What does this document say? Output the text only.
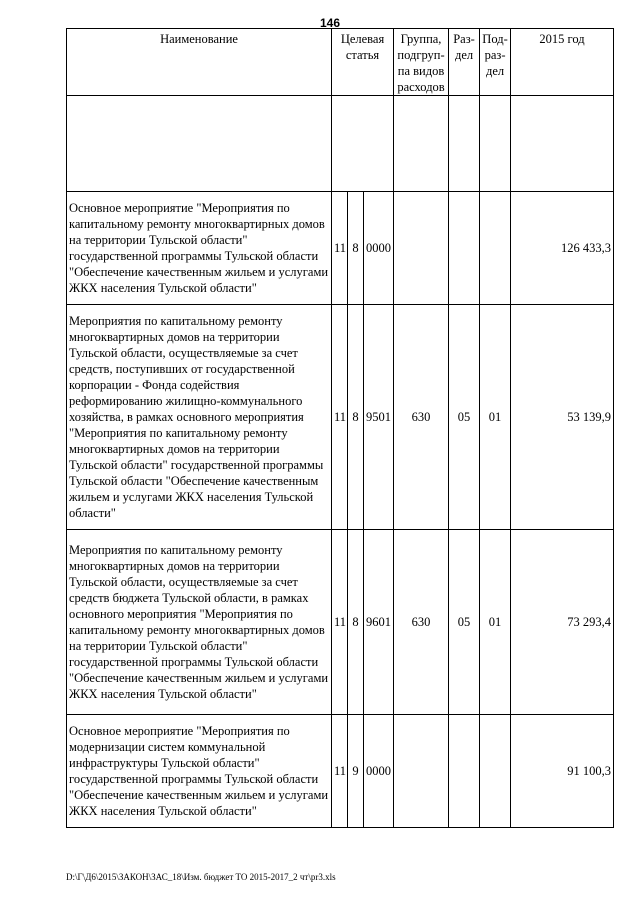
146
Наименование	Целевая статья			Группа, подгруп-па видов расходов	Раз-дел	Под-раз-дел	2015 год

Основное мероприятие "Мероприятия по капитальному ремонту многоквартирных домов на территории Тульской области" государственной программы Тульской области "Обеспечение качественным жильем и услугами ЖКХ населения Тульской области"	11	8	0000				126 433,3
Мероприятия по капитальному ремонту многоквартирных домов на территории Тульской области, осуществляемые за счет средств, поступивших от государственной корпорации - Фонда содействия реформированию жилищно-коммунального хозяйства, в рамках основного мероприятия "Мероприятия по капитальному ремонту многоквартирных домов на территории Тульской области" государственной программы Тульской области "Обеспечение качественным жильем и услугами ЖКХ населения Тульской области"	11	8	9501	630	05	01	53 139,9
Мероприятия по капитальному ремонту многоквартирных домов на территории Тульской области, осуществляемые за счет средств бюджета Тульской области, в рамках основного мероприятия "Мероприятия по капитальному ремонту многоквартирных домов на территории Тульской области" государственной программы Тульской области "Обеспечение качественным жильем и услугами ЖКХ населения Тульской области"	11	8	9601	630	05	01	73 293,4
Основное мероприятие "Мероприятия по модернизации систем коммунальной инфраструктуры Тульской области" государственной программы Тульской области "Обеспечение качественным жильем и услугами ЖКХ населения Тульской области"	11	9	0000				91 100,3
D:\Г\Д6\2015\ЗАКОН\ЗАС_18\Изм. бюджет ТО 2015-2017_2 чт\pr3.xls
